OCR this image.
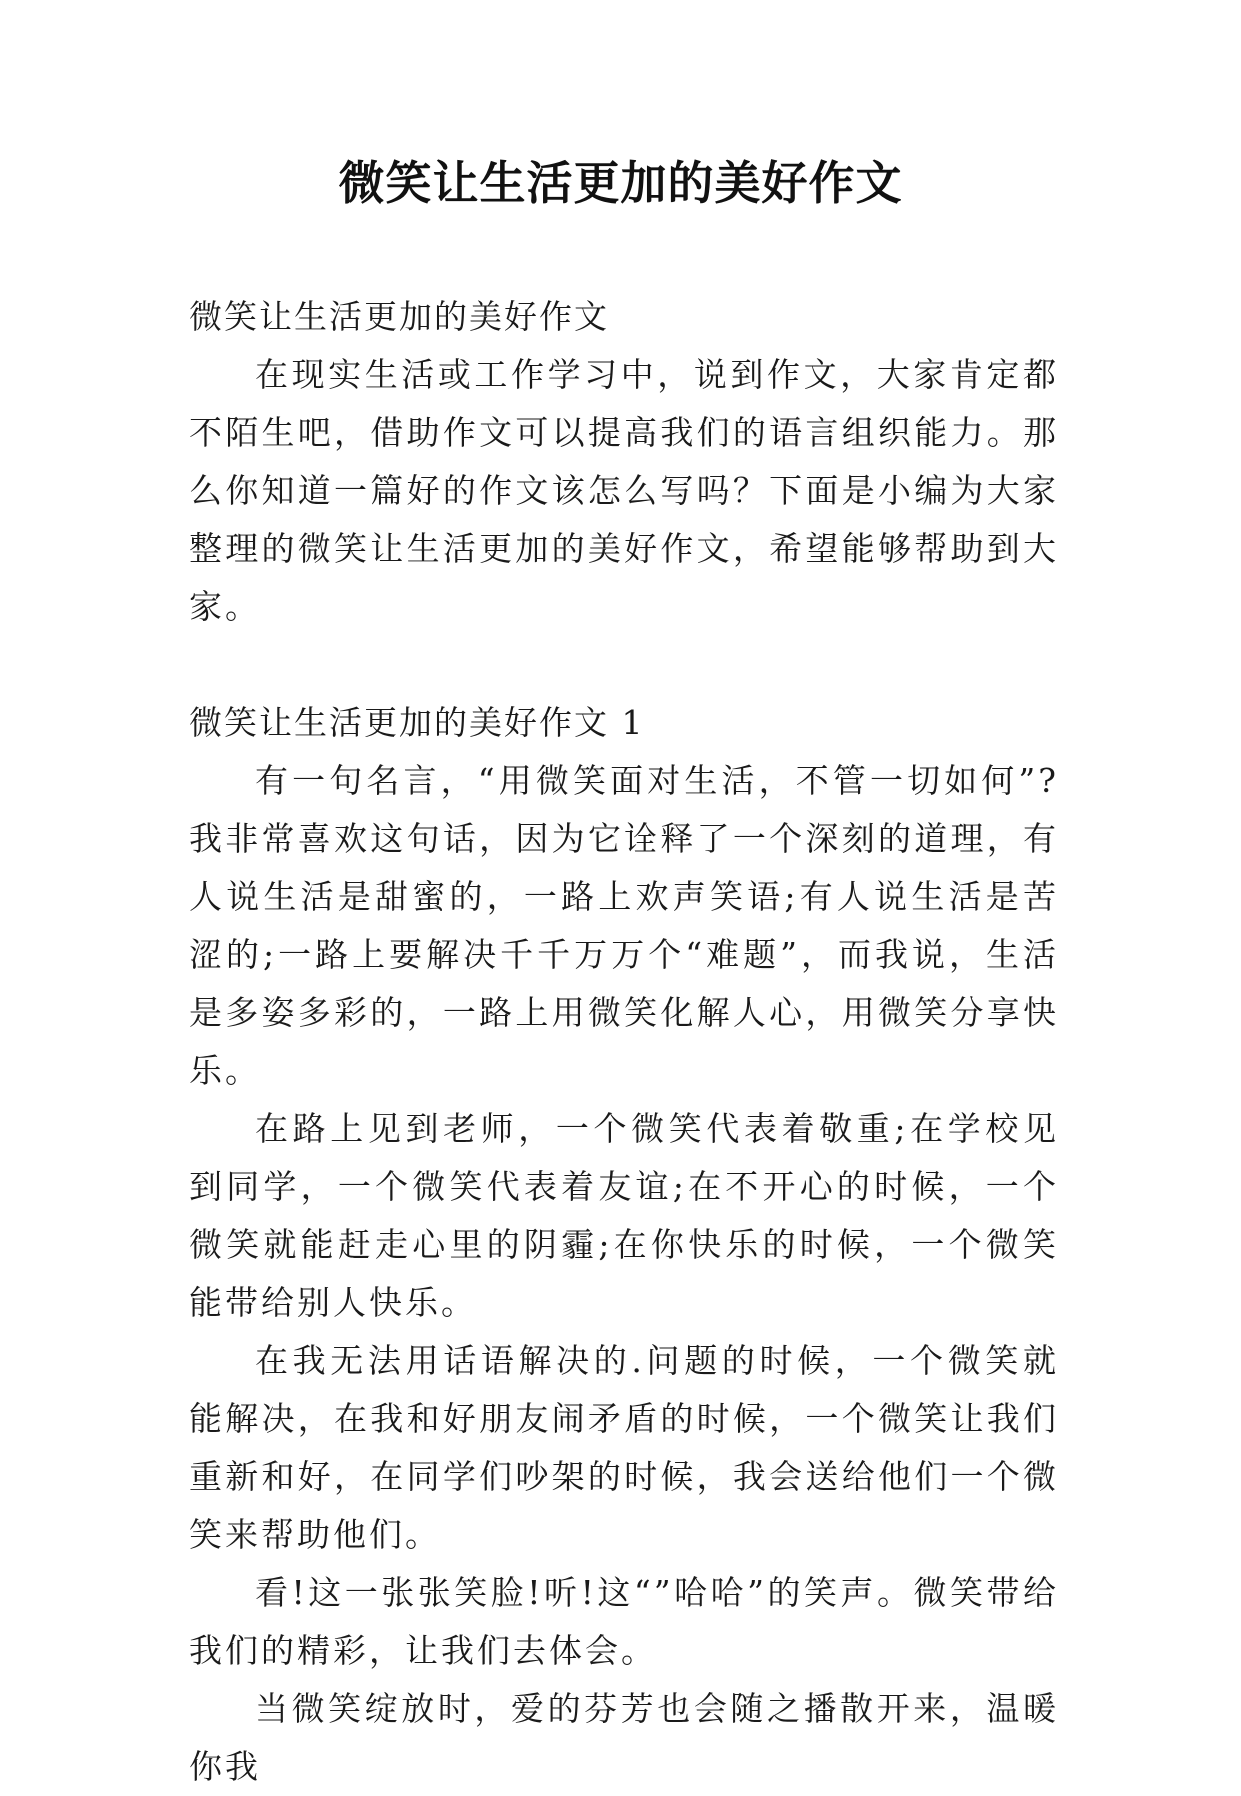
微笑让生活更加的美好作文

微笑让生活更加的美好作文

在现实生活或工作学习中，说到作文，大家肯定都不陌生吧，借助作文可以提高我们的语言组织能力。那么你知道一篇好的作文该怎么写吗？下面是小编为大家整理的微笑让生活更加的美好作文，希望能够帮助到大家。

微笑让生活更加的美好作文 1

有一句名言，“用微笑面对生活，不管一切如何”?我非常喜欢这句话，因为它诠释了一个深刻的道理，有人说生活是甜蜜的，一路上欢声笑语;有人说生活是苦涩的;一路上要解决千千万万个“难题”，而我说，生活是多姿多彩的，一路上用微笑化解人心，用微笑分享快乐。

在路上见到老师，一个微笑代表着敬重;在学校见到同学，一个微笑代表着友谊;在不开心的时候，一个微笑就能赶走心里的阴霾;在你快乐的时候，一个微笑能带给别人快乐。

在我无法用话语解决的.问题的时候，一个微笑就能解决，在我和好朋友闹矛盾的时候，一个微笑让我们重新和好，在同学们吵架的时候，我会送给他们一个微笑来帮助他们。

看!这一张张笑脸!听!这“”哈哈”的笑声。微笑带给我们的精彩，让我们去体会。

当微笑绽放时，爱的芬芳也会随之播散开来，温暖你我
